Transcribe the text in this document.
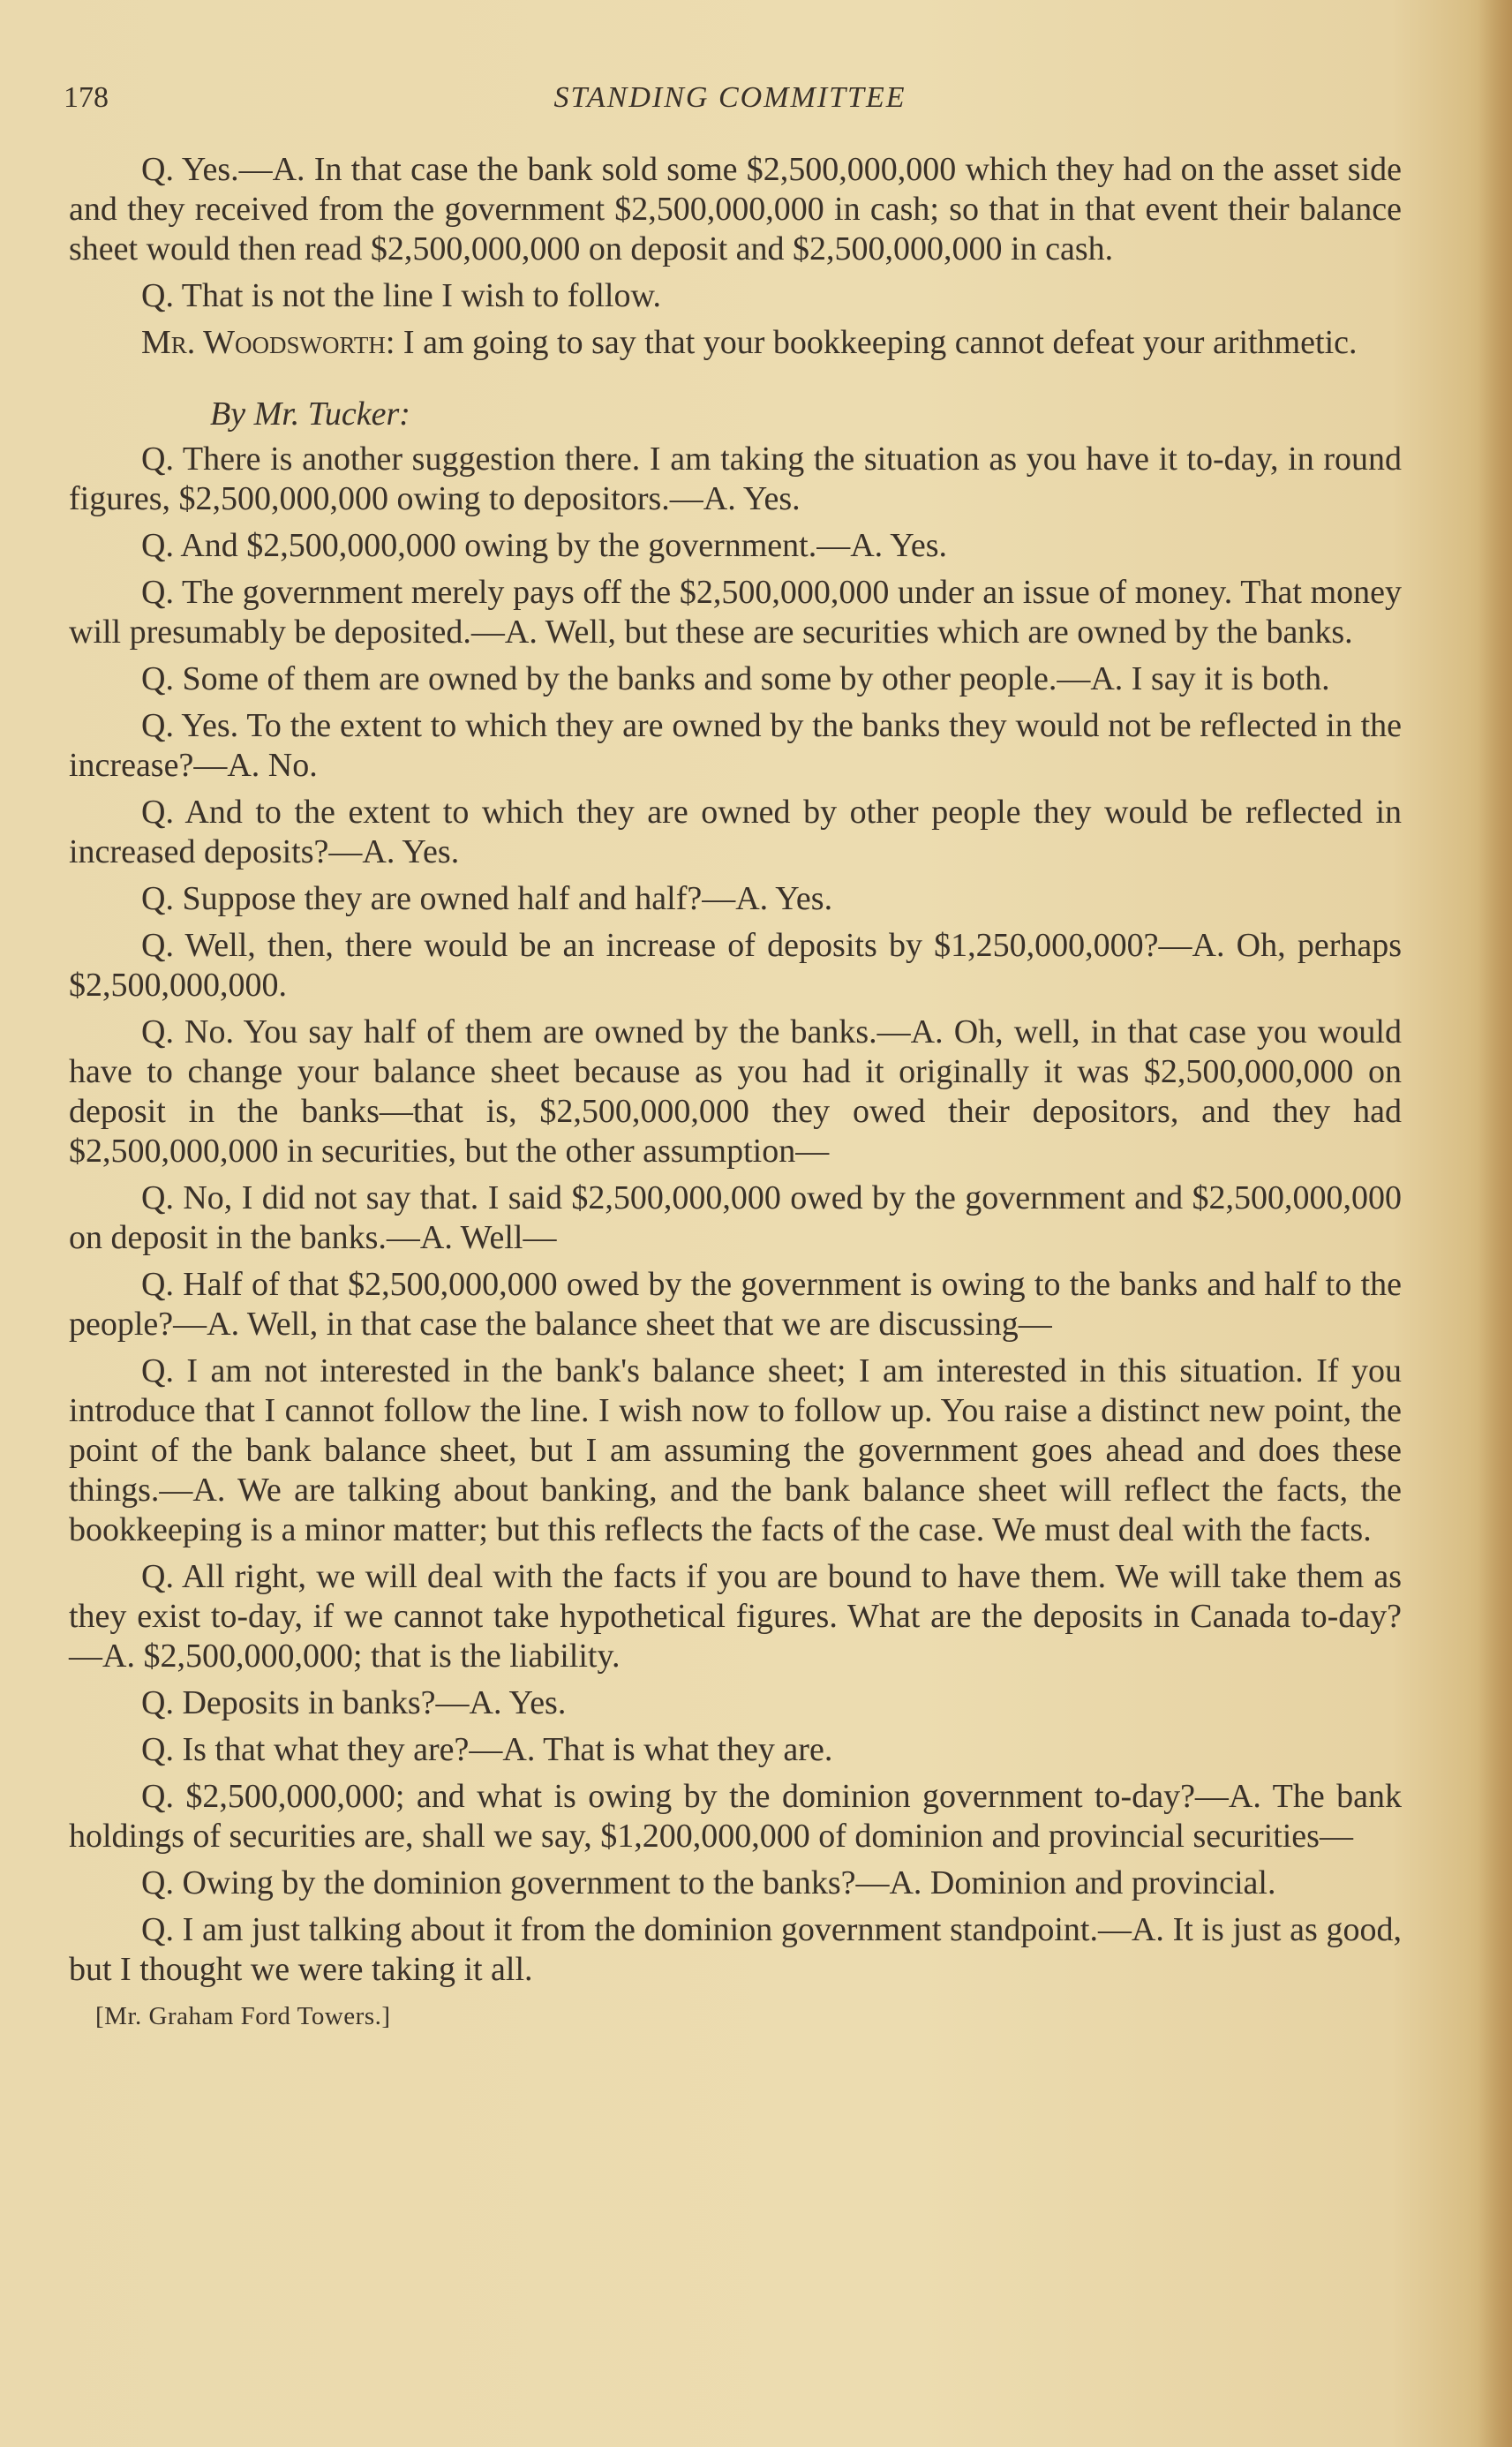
178	STANDING COMMITTEE

Q. Yes.—A. In that case the bank sold some $2,500,000,000 which they had on the asset side and they received from the government $2,500,000,000 in cash; so that in that event their balance sheet would then read $2,500,000,000 on deposit and $2,500,000,000 in cash.

Q. That is not the line I wish to follow.

Mr. Woodsworth: I am going to say that your bookkeeping cannot defeat your arithmetic.

By Mr. Tucker:

Q. There is another suggestion there. I am taking the situation as you have it to-day, in round figures, $2,500,000,000 owing to depositors.—A. Yes.

Q. And $2,500,000,000 owing by the government.—A. Yes.

Q. The government merely pays off the $2,500,000,000 under an issue of money. That money will presumably be deposited.—A. Well, but these are securities which are owned by the banks.

Q. Some of them are owned by the banks and some by other people.—A. I say it is both.

Q. Yes. To the extent to which they are owned by the banks they would not be reflected in the increase?—A. No.

Q. And to the extent to which they are owned by other people they would be reflected in increased deposits?—A. Yes.

Q. Suppose they are owned half and half?—A. Yes.

Q. Well, then, there would be an increase of deposits by $1,250,000,000?—A. Oh, perhaps $2,500,000,000.

Q. No. You say half of them are owned by the banks.—A. Oh, well, in that case you would have to change your balance sheet because as you had it originally it was $2,500,000,000 on deposit in the banks—that is, $2,500,000,000 they owed their depositors, and they had $2,500,000,000 in securities, but the other assumption—

Q. No, I did not say that. I said $2,500,000,000 owed by the government and $2,500,000,000 on deposit in the banks.—A. Well—

Q. Half of that $2,500,000,000 owed by the government is owing to the banks and half to the people?—A. Well, in that case the balance sheet that we are discussing—

Q. I am not interested in the bank's balance sheet; I am interested in this situation. If you introduce that I cannot follow the line. I wish now to follow up. You raise a distinct new point, the point of the bank balance sheet, but I am assuming the government goes ahead and does these things.—A. We are talking about banking, and the bank balance sheet will reflect the facts, the bookkeeping is a minor matter; but this reflects the facts of the case. We must deal with the facts.

Q. All right, we will deal with the facts if you are bound to have them. We will take them as they exist to-day, if we cannot take hypothetical figures. What are the deposits in Canada to-day?—A. $2,500,000,000; that is the liability.

Q. Deposits in banks?—A. Yes.

Q. Is that what they are?—A. That is what they are.

Q. $2,500,000,000; and what is owing by the dominion government to-day?—A. The bank holdings of securities are, shall we say, $1,200,000,000 of dominion and provincial securities—

Q. Owing by the dominion government to the banks?—A. Dominion and provincial.

Q. I am just talking about it from the dominion government standpoint.—A. It is just as good, but I thought we were taking it all.

[Mr. Graham Ford Towers.]
